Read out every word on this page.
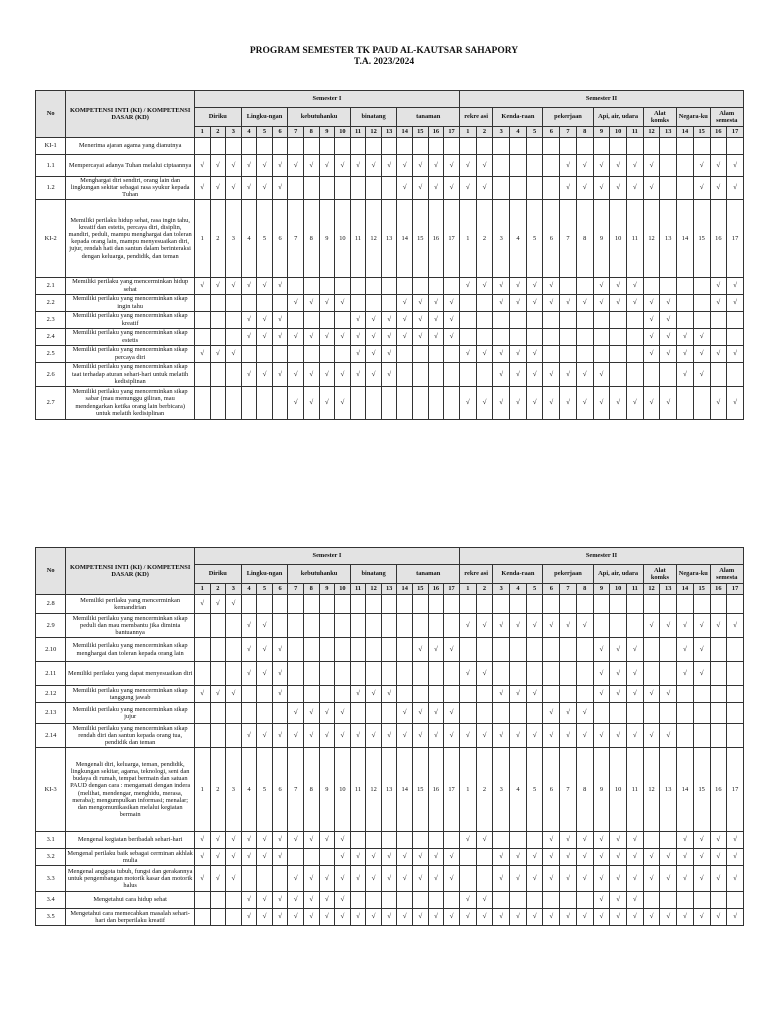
PROGRAM SEMESTER TK PAUD AL-KAUTSAR SAHAPORY
T.A. 2023/2024
No	KOMPETENSI INTI (KI) / KOMPETENSI DASAR (KD)	Semester I																	Semester II																
		Diriku			Lingku-ngan			kebutuhanku				binatang			tanaman				rekre asi		Kenda-raan			pekerjaan			Api, air, udara			Alat komks		Negara-ku		Alam semesta	
		1	2	3	4	5	6	7	8	9	10	11	12	13	14	15	16	17	1	2	3	4	5	6	7	8	9	10	11	12	13	14	15	16	17
KI-1	Menerima ajaran agama yang dianutnya																																		
1.1	Mempercayai adanya Tuhan melalui ciptaannya	√	√	√	√	√	√	√	√	√	√	√	√	√	√	√	√	√	√	√					√	√	√	√	√	√			√	√	√
1.2	Menghargai diri sendiri, orang lain dan lingkungan sekitar sebagai rasa syukur kepada Tuhan	√	√	√	√	√	√								√	√	√	√	√	√					√	√	√	√	√	√			√	√	√
KI-2	Memiliki perilaku hidup sehat, rasa ingin tahu, kreatif dan estetis, percaya diri, disiplin, mandiri, peduli, mampu menghargai dan toleran kepada orang lain, mampu menyesuaikan diri, jujur, rendah hati dan santun dalam berinteraksi dengan keluarga, pendidik, dan teman	1	2	3	4	5	6	7	8	9	10	11	12	13	14	15	16	17	1	2	3	4	5	6	7	8	9	10	11	12	13	14	15	16	17
2.1	Memiliki perilaku yang mencerminkan hidup sehat	√	√	√	√	√	√												√	√	√	√	√	√			√	√	√					√	√
2.2	Memiliki perilaku yang mencerminkan sikap ingin tahu							√	√	√	√				√	√	√	√			√	√	√	√	√	√	√	√	√	√	√			√	√
2.3	Memiliki perilaku yang mencerminkan sikap kreatif				√	√	√					√	√	√	√	√	√	√												√	√				
2.4	Memiliki perilaku yang mencerminkan sikap estetis				√	√	√	√	√	√	√	√	√	√	√	√	√	√												√	√	√	√		
2.5	Memiliki perilaku yang mencerminkan sikap percaya diri	√	√	√								√	√	√					√	√	√	√	√							√	√	√	√	√	√
2.6	Memiliki perilaku yang mencerminkan sikap taat terhadap aturan sehari-hari untuk melatih kedisiplinan				√	√	√	√	√	√	√	√	√	√							√	√	√	√	√	√	√					√	√		
2.7	Memiliki perilaku yang mencerminkan sikap sabar (mau menunggu giliran, mau mendengarkan ketika orang lain berbicara) untuk melatih kedisiplinan							√	√	√	√								√	√	√	√	√	√	√	√	√	√	√	√	√			√	√
No	KOMPETENSI INTI (KI) / KOMPETENSI DASAR (KD)	Semester I																	Semester II																
		Diriku			Lingku-ngan			kebutuhanku				binatang			tanaman				rekre asi		Kenda-raan			pekerjaan			Api, air, udara			Alat komks		Negara-ku		Alam semesta	
		1	2	3	4	5	6	7	8	9	10	11	12	13	14	15	16	17	1	2	3	4	5	6	7	8	9	10	11	12	13	14	15	16	17
2.8	Memiliki perilaku yang mencerminkan kemandirian	√	√	√																															
2.9	Memiliki perilaku yang mencerminkan sikap peduli dan mau membantu jika diminta bantuannya				√	√													√	√	√	√	√	√	√	√				√	√	√	√	√	√
2.10	Memiliki perilaku yang mencerminkan sikap menghargai dan toleran kepada orang lain				√	√	√									√	√	√									√	√	√			√	√		
2.11	Memiliki perilaku yang dapat menyesuaikan diri				√	√	√												√	√							√	√	√			√	√		
2.12	Memiliki perilaku yang mencerminkan sikap tanggung jawab	√	√	√			√					√	√	√							√	√	√				√	√	√	√	√				
2.13	Memiliki perilaku yang mencerminkan sikap jujur							√	√	√	√				√	√	√	√						√	√	√									
2.14	Memiliki perilaku yang mencerminkan sikap rendah diri dan santun kepada orang tua, pendidik dan teman				√	√	√	√	√	√	√	√	√	√	√	√	√	√	√	√	√	√	√	√	√	√	√	√	√	√	√				
KI-3	Mengenali diri, keluarga, teman, pendidik, lingkungan sekitar, agama, teknologi, seni dan budaya di rumah, tempat bermain dan satuan PAUD dengan cara : mengamati dengan indera (melihat, mendengar, menghidu, merasa, meraba); mengumpulkan informasi; menalar; dan mengomunikasikan melalui kegiatan bermain	1	2	3	4	5	6	7	8	9	10	11	12	13	14	15	16	17	1	2	3	4	5	6	7	8	9	10	11	12	13	14	15	16	17
3.1	Mengenal kegiatan beribadah sehari-hari	√	√	√	√	√	√	√	√	√	√								√	√				√	√	√	√	√	√			√	√	√	√
3.2	Mengenal perilaku baik sebagai cerminan akhlak mulia	√	√	√	√	√	√				√	√	√	√	√	√	√	√			√	√	√	√	√	√	√	√	√	√	√	√	√	√	√
3.3	Mengenal anggota tubuh, fungsi dan gerakannya untuk pengembangan motorik kasar dan motorik halus	√	√	√				√	√	√	√	√	√	√	√	√	√	√			√	√	√	√	√	√	√	√	√	√	√	√	√	√	√
3.4	Mengetahui cara hidup sehat				√	√	√	√	√	√	√								√	√							√	√	√						
3.5	Mengetahui cara memecahkan masalah sehari-hari dan berperilaku kreatif				√	√	√	√	√	√	√	√	√	√	√	√	√	√	√	√	√	√	√	√	√	√	√	√	√	√	√	√	√	√	√
